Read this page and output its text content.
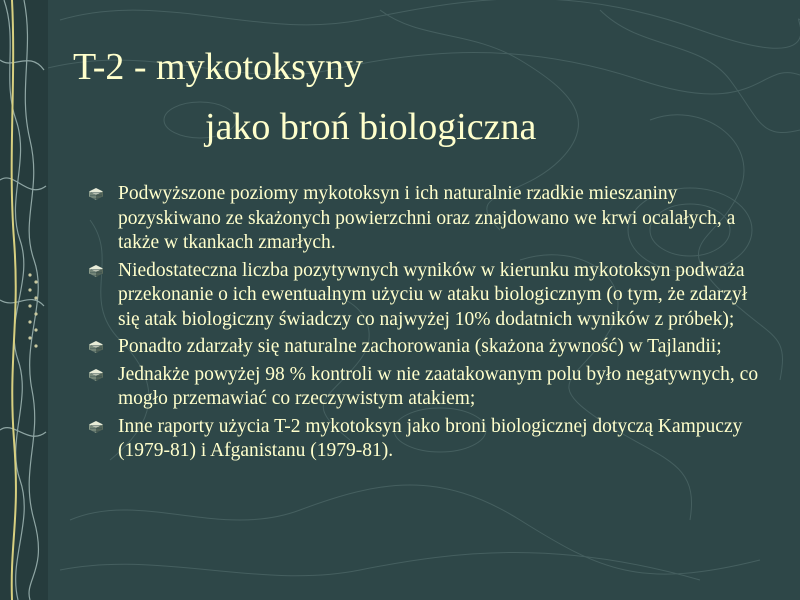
T-2 - mykotoksyny
jako broń biologiczna
Podwyższone poziomy mykotoksyn i ich naturalnie rzadkie mieszaniny pozyskiwano ze skażonych powierzchni oraz znajdowano we krwi ocalałych, a także w tkankach zmarłych.
Niedostateczna liczba pozytywnych wyników w kierunku mykotoksyn podważa przekonanie o ich ewentualnym użyciu w ataku biologicznym (o tym, że zdarzył się atak biologiczny świadczy co najwyżej 10% dodatnich wyników z próbek);
Ponadto zdarzały się naturalne zachorowania (skażona żywność) w Tajlandii;
Jednakże powyżej 98 % kontroli w nie zaatakowanym polu było negatywnych, co mogło przemawiać co rzeczywistym atakiem;
Inne raporty użycia T-2 mykotoksyn jako broni biologicznej dotyczą Kampuczy (1979-81) i Afganistanu (1979-81).
